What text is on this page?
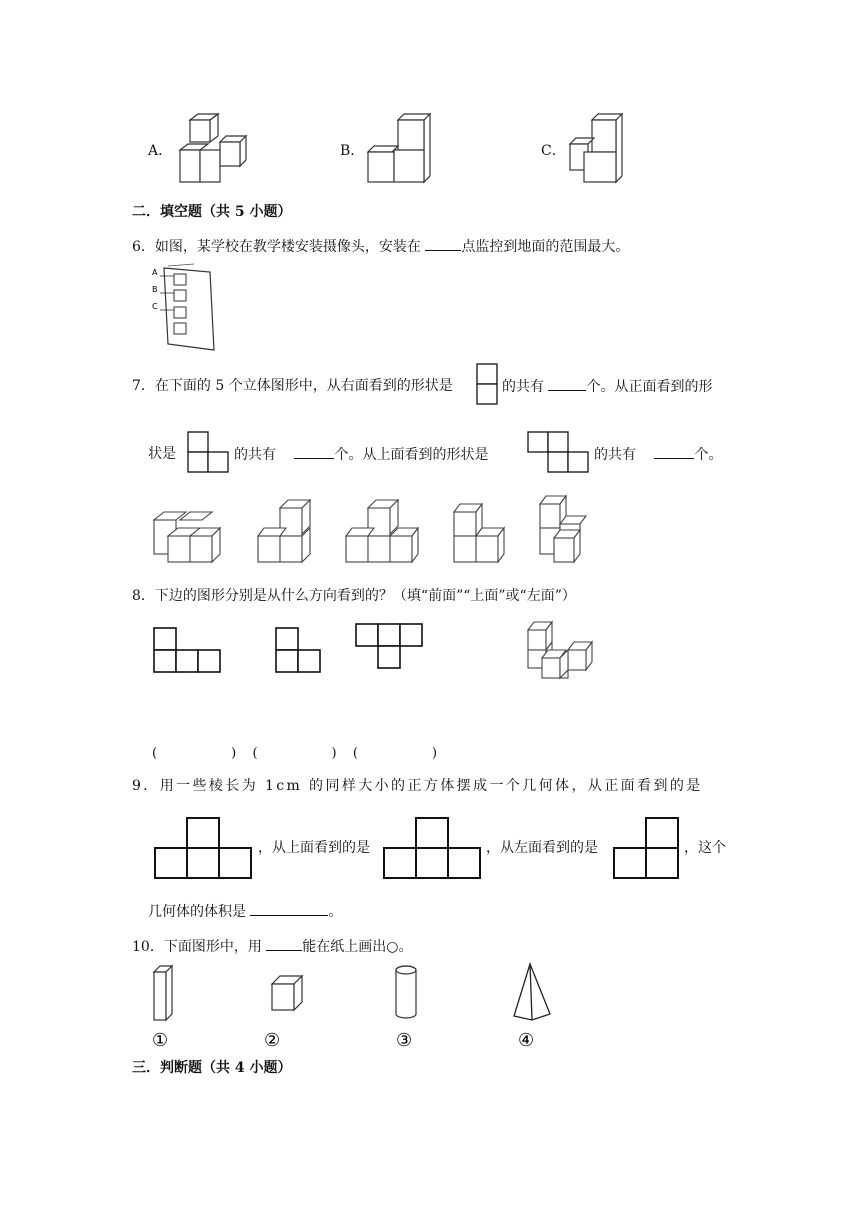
A．	B．	C．
二．填空题（共 5 小题）
6．如图，某学校在教学楼安装摄像头，安装在	点监控到地面的范围最大。
A
B
C
7．在下面的 5 个立体图形中，从右面看到的形状是	的共有	个。从正面看到的形
状是	的共有	个。从上面看到的形状是	的共有	个。
8．下边的图形分别是从什么方向看到的？（填“前面”“上面”或“左面”）
(	) (	) (	)
9．用一些棱长为 1cm 的同样大小的正方体摆成一个几何体，从正面看到的是
，从上面看到的是	，从左面看到的是	，这个
几何体的体积是	。
10．下面图形中，用	能在纸上画出○。
①	②	③	④
三．判断题（共 4 小题）
